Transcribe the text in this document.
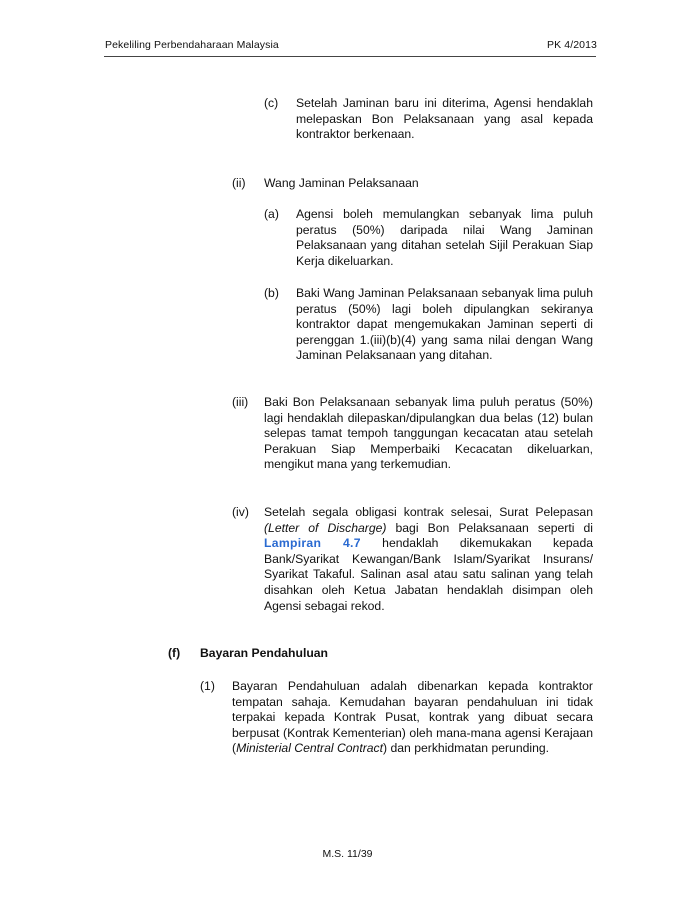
Pekeliling Perbendaharaan Malaysia	PK 4/2013
(c) Setelah Jaminan baru ini diterima, Agensi hendaklah melepaskan Bon Pelaksanaan yang asal kepada kontraktor berkenaan.
(ii) Wang Jaminan Pelaksanaan
(a) Agensi boleh memulangkan sebanyak lima puluh peratus (50%) daripada nilai Wang Jaminan Pelaksanaan yang ditahan setelah Sijil Perakuan Siap Kerja dikeluarkan.
(b) Baki Wang Jaminan Pelaksanaan sebanyak lima puluh peratus (50%) lagi boleh dipulangkan sekiranya kontraktor dapat mengemukakan Jaminan seperti di perenggan 1.(iii)(b)(4) yang sama nilai dengan Wang Jaminan Pelaksanaan yang ditahan.
(iii) Baki Bon Pelaksanaan sebanyak lima puluh peratus (50%) lagi hendaklah dilepaskan/dipulangkan dua belas (12) bulan selepas tamat tempoh tanggungan kecacatan atau setelah Perakuan Siap Memperbaiki Kecacatan dikeluarkan, mengikut mana yang terkemudian.
(iv) Setelah segala obligasi kontrak selesai, Surat Pelepasan (Letter of Discharge) bagi Bon Pelaksanaan seperti di Lampiran 4.7 hendaklah dikemukakan kepada Bank/Syarikat Kewangan/Bank Islam/Syarikat Insurans/ Syarikat Takaful. Salinan asal atau satu salinan yang telah disahkan oleh Ketua Jabatan hendaklah disimpan oleh Agensi sebagai rekod.
(f) Bayaran Pendahuluan
(1) Bayaran Pendahuluan adalah dibenarkan kepada kontraktor tempatan sahaja. Kemudahan bayaran pendahuluan ini tidak terpakai kepada Kontrak Pusat, kontrak yang dibuat secara berpusat (Kontrak Kementerian) oleh mana-mana agensi Kerajaan (Ministerial Central Contract) dan perkhidmatan perunding.
M.S. 11/39
